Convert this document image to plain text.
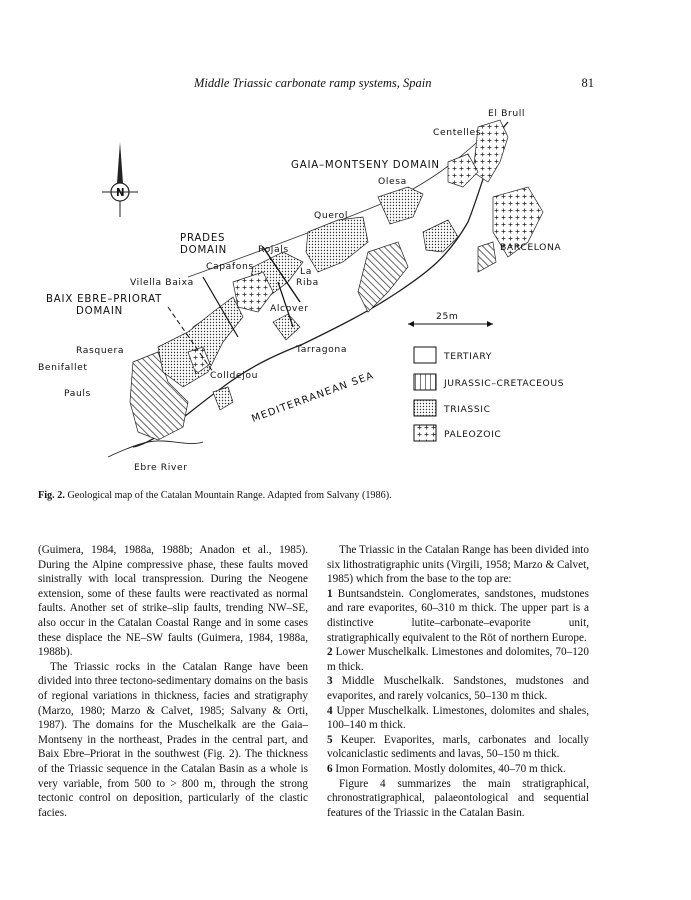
Middle Triassic carbonate ramp systems, Spain	81
N
25m
El Brull
Centelles
GAIA–MONTSENY DOMAIN
Olesa
Querol
PRADES
DOMAIN	Rojals
Capafons
Vilella Baixa
La
Riba
BAIX EBRE–PRIORAT
DOMAIN	Alcover
BARCELONA
Rasquera	Tarragona
Benifallet
Colldejou
Pauls	MEDITERRANEAN SEA
Ebre River
TERTIARY
JURASSIC–CRETACEOUS
TRIASSIC
PALEOZOIC
Fig. 2. Geological map of the Catalan Mountain Range. Adapted from Salvany (1986).

(Guimera, 1984, 1988a, 1988b; Anadon et al., 1985). During the Alpine compressive phase, these faults moved sinistrally with local transpression. During the Neogene extension, some of these faults were reactivated as normal faults. Another set of strike–slip faults, trending NW–SE, also occur in the Catalan Coastal Range and in some cases these displace the NE–SW faults (Guimera, 1984, 1988a, 1988b).

The Triassic rocks in the Catalan Range have been divided into three tectono-sedimentary domains on the basis of regional variations in thickness, facies and stratigraphy (Marzo, 1980; Marzo & Calvet, 1985; Salvany & Orti, 1987). The domains for the Muschelkalk are the Gaia–Montseny in the northeast, Prades in the central part, and Baix Ebre–Priorat in the southwest (Fig. 2). The thickness of the Triassic sequence in the Catalan Basin as a whole is very variable, from 500 to > 800 m, through the strong tectonic control on deposition, particularly of the clastic facies.

The Triassic in the Catalan Range has been divided into six lithostratigraphic units (Virgili, 1958; Marzo & Calvet, 1985) which from the base to the top are:

1 Buntsandstein. Conglomerates, sandstones, mudstones and rare evaporites, 60–310 m thick. The upper part is a distinctive lutite–carbonate–evaporite unit, stratigraphically equivalent to the Röt of northern Europe.

2 Lower Muschelkalk. Limestones and dolomites, 70–120 m thick.

3 Middle Muschelkalk. Sandstones, mudstones and evaporites, and rarely volcanics, 50–130 m thick.

4 Upper Muschelkalk. Limestones, dolomites and shales, 100–140 m thick.

5 Keuper. Evaporites, marls, carbonates and locally volcaniclastic sediments and lavas, 50–150 m thick.

6 Imon Formation. Mostly dolomites, 40–70 m thick.

Figure 4 summarizes the main stratigraphical, chronostratigraphical, palaeontological and sequential features of the Triassic in the Catalan Basin.
